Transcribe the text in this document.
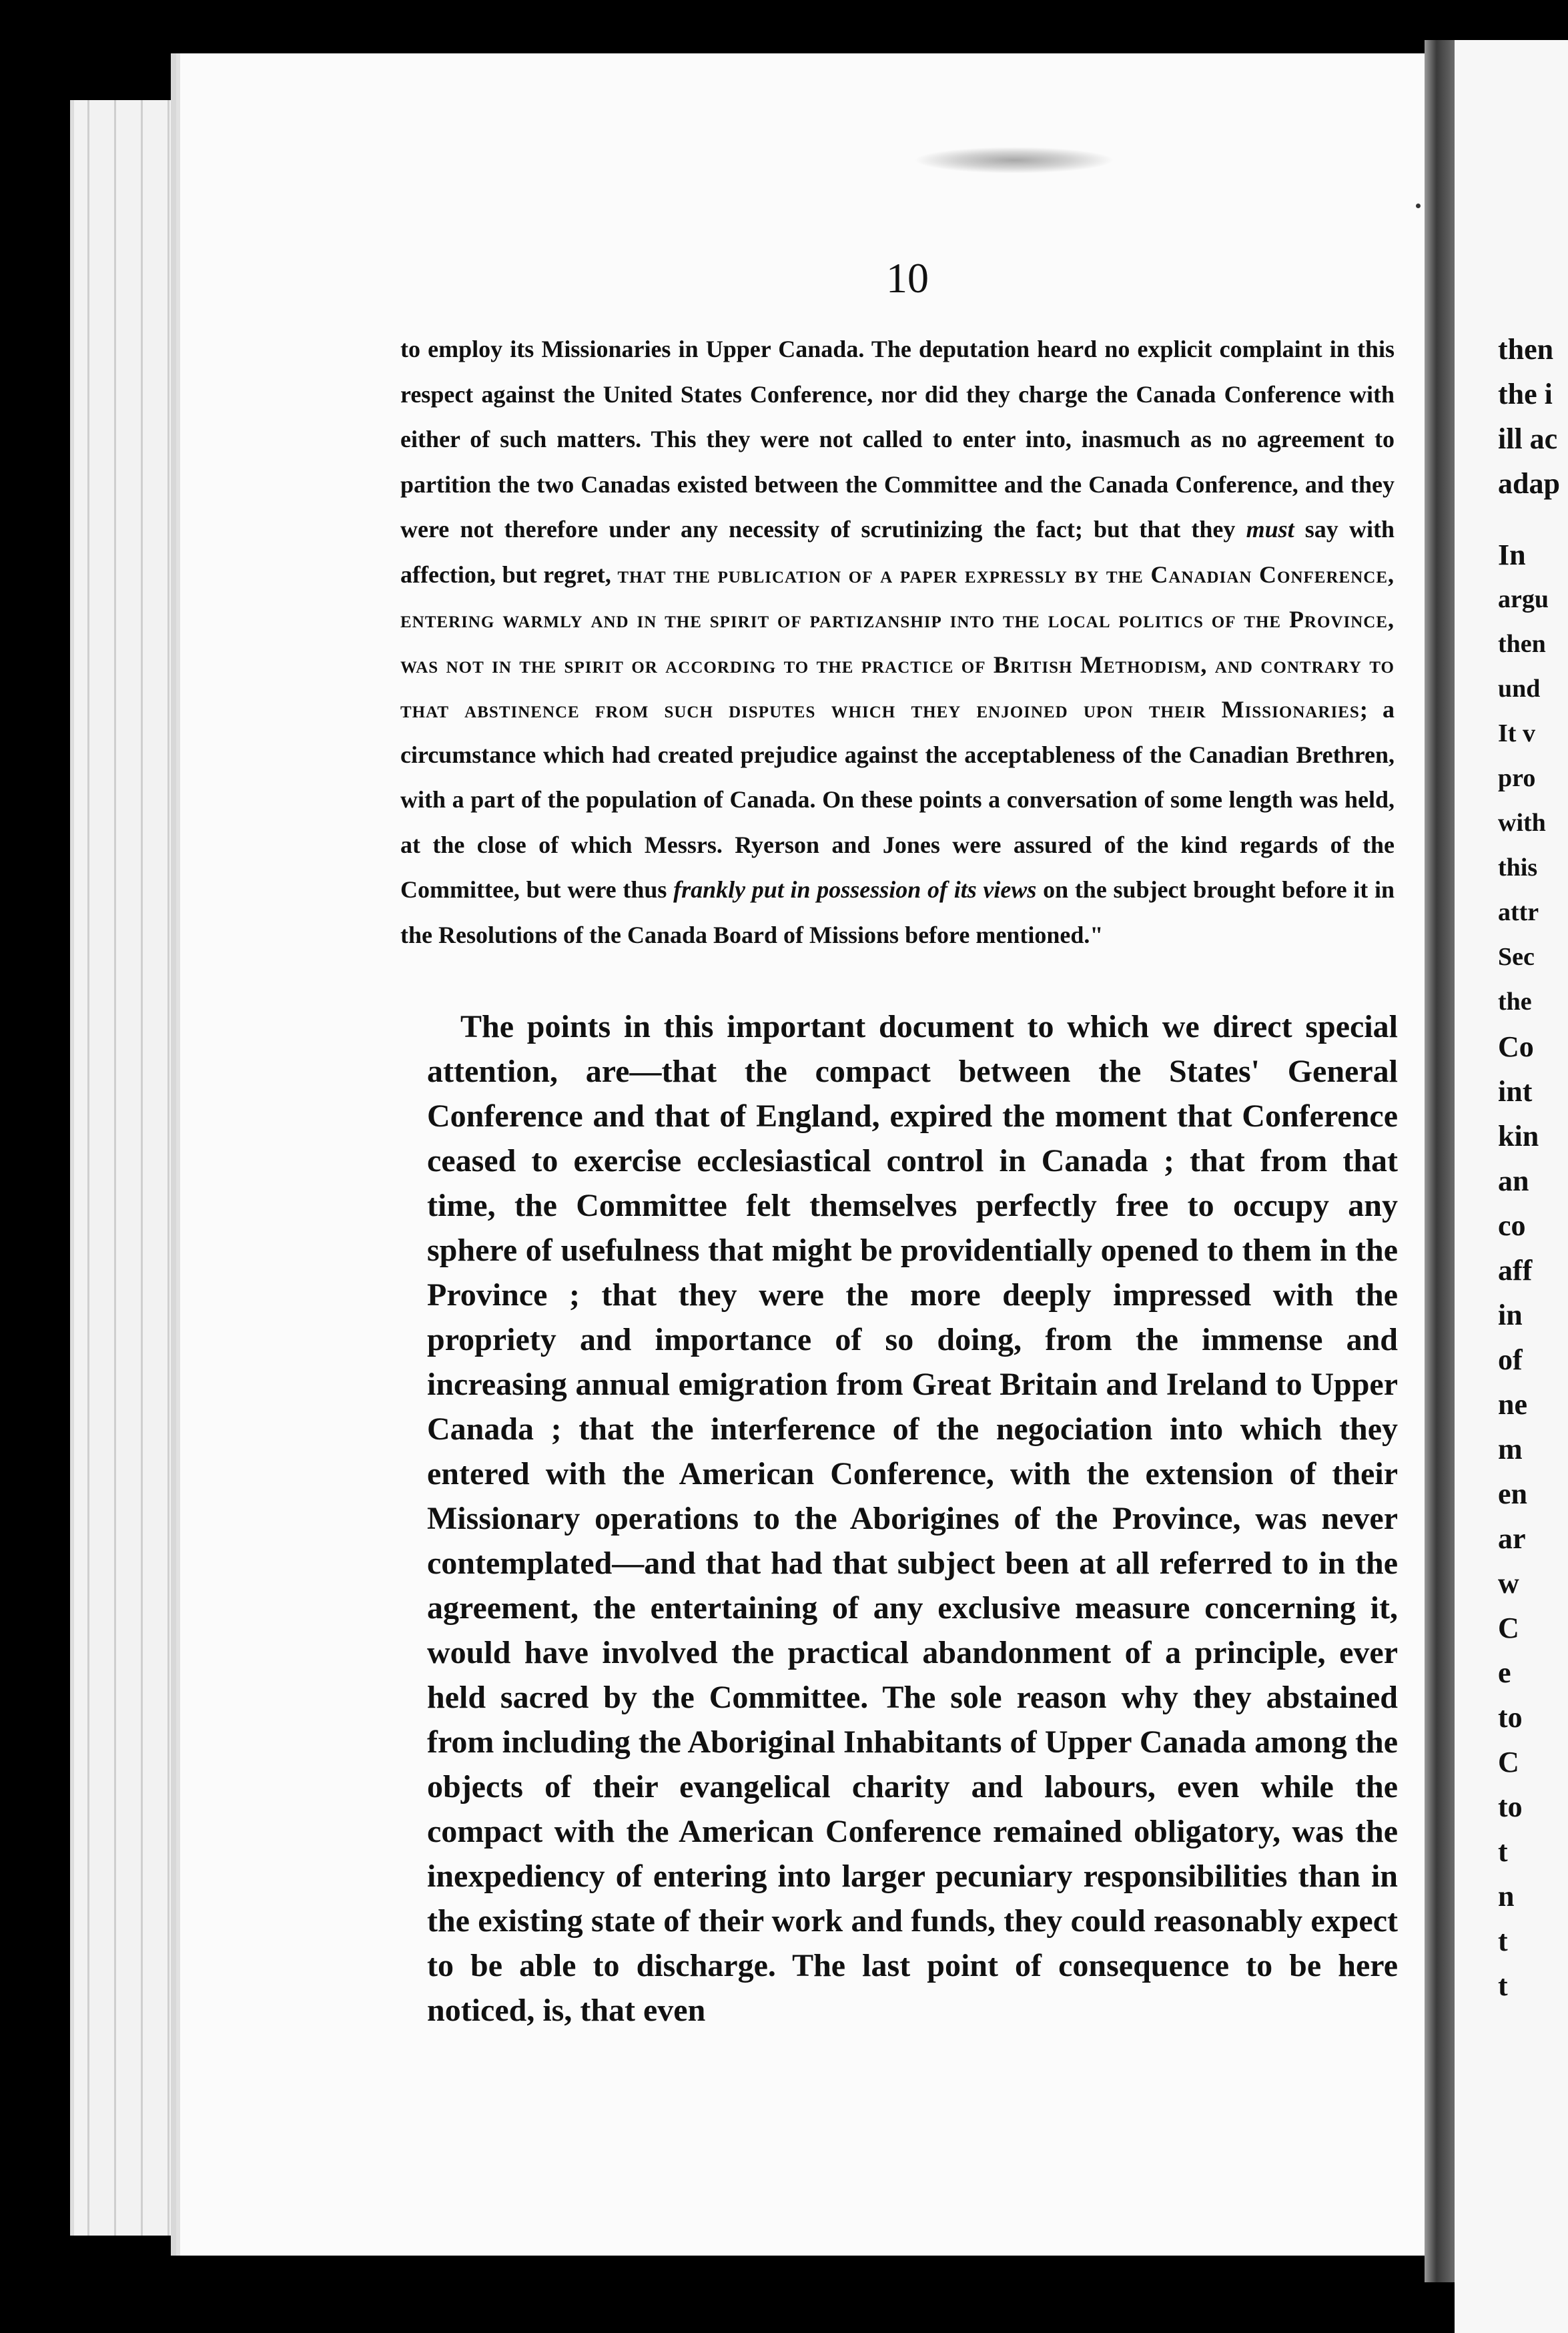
10
to employ its Missionaries in Upper Canada. The deputation heard no explicit complaint in this respect against the United States Conference, nor did they charge the Canada Conference with either of such matters. This they were not called to enter into, inasmuch as no agreement to partition the two Canadas existed between the Committee and the Canada Conference, and they were not therefore under any necessity of scrutinizing the fact; but that they must say with affection, but regret, that the publication of a paper expressly by the Canadian Conference, entering warmly and in the spirit of partizanship into the local politics of the Province, was not in the spirit or according to the practice of British Methodism, and contrary to that abstinence from such disputes which they enjoined upon their Missionaries; a circumstance which had created prejudice against the acceptableness of the Canadian Brethren, with a part of the population of Canada. On these points a conversation of some length was held, at the close of which Messrs. Ryerson and Jones were assured of the kind regards of the Committee, but were thus frankly put in possession of its views on the subject brought before it in the Resolutions of the Canada Board of Missions before mentioned."
The points in this important document to which we direct special attention, are—that the compact between the States' General Conference and that of England, expired the moment that Conference ceased to exercise ecclesiastical control in Canada ; that from that time, the Committee felt themselves perfectly free to occupy any sphere of usefulness that might be providentially opened to them in the Province ; that they were the more deeply impressed with the propriety and importance of so doing, from the immense and increasing annual emigration from Great Britain and Ireland to Upper Canada ; that the interference of the negociation into which they entered with the American Conference, with the extension of their Missionary operations to the Aborigines of the Province, was never contemplated—and that had that subject been at all referred to in the agreement, the entertaining of any exclusive measure concerning it, would have involved the practical abandonment of a principle, ever held sacred by the Committee. The sole reason why they abstained from including the Aboriginal Inhabitants of Upper Canada among the objects of their evangelical charity and labours, even while the compact with the American Conference remained obligatory, was the inexpediency of entering into larger pecuniary responsibilities than in the existing state of their work and funds, they could reasonably expect to be able to discharge. The last point of consequence to be here noticed, is, that even
then
the i
ill ac
adap
In
argu
then
und
It v
pro
with
this
attr
Sec
the
Co
int
kin
an
co
aff
in
of
ne
m
en
ar
w
C
e
to
C
to
t
n
t
t
